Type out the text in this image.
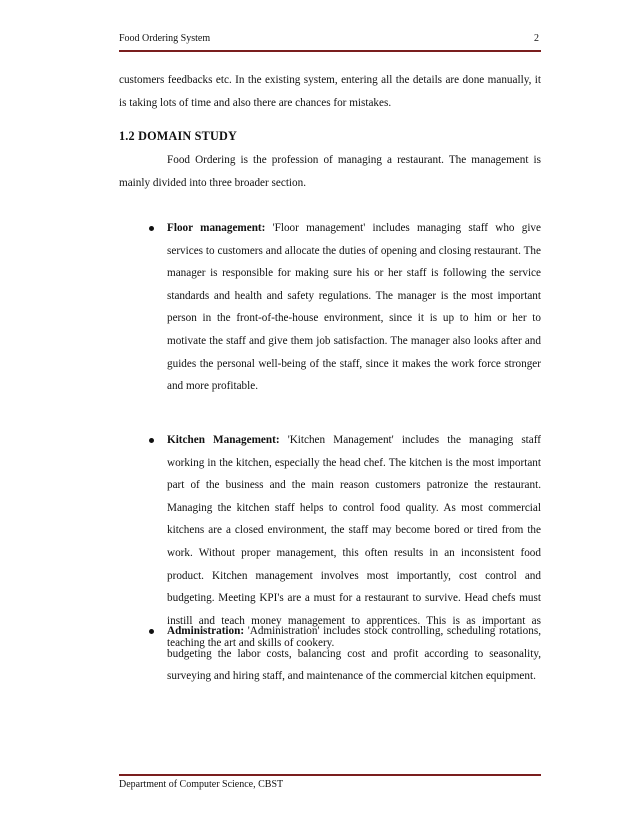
Food Ordering System	2
customers feedbacks etc. In the existing system, entering all the details are done manually, it is taking lots of time and also there are chances for mistakes.
1.2 DOMAIN STUDY
Food Ordering is the profession of managing a restaurant. The management is mainly divided into three broader section.
Floor management: 'Floor management' includes managing staff who give services to customers and allocate the duties of opening and closing restaurant. The manager is responsible for making sure his or her staff is following the service standards and health and safety regulations. The manager is the most important person in the front-of-the-house environment, since it is up to him or her to motivate the staff and give them job satisfaction. The manager also looks after and guides the personal well-being of the staff, since it makes the work force stronger and more profitable.
Kitchen Management: 'Kitchen Management' includes the managing staff working in the kitchen, especially the head chef. The kitchen is the most important part of the business and the main reason customers patronize the restaurant. Managing the kitchen staff helps to control food quality. As most commercial kitchens are a closed environment, the staff may become bored or tired from the work. Without proper management, this often results in an inconsistent food product. Kitchen management involves most importantly, cost control and budgeting. Meeting KPI's are a must for a restaurant to survive. Head chefs must instill and teach money management to apprentices. This is as important as teaching the art and skills of cookery.
Administration: 'Administration' includes stock controlling, scheduling rotations, budgeting the labor costs, balancing cost and profit according to seasonality, surveying and hiring staff, and maintenance of the commercial kitchen equipment.
Department of Computer Science, CBST
